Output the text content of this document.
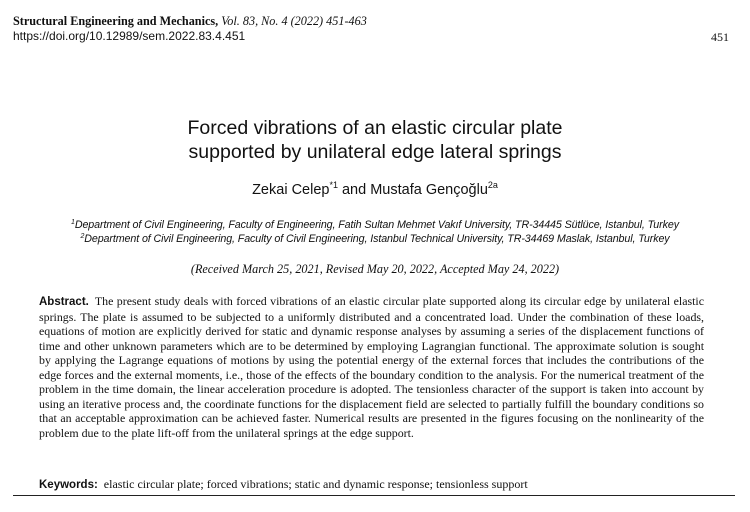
Structural Engineering and Mechanics, Vol. 83, No. 4 (2022) 451-463
https://doi.org/10.12989/sem.2022.83.4.451	451
Forced vibrations of an elastic circular plate
supported by unilateral edge lateral springs
Zekai Celep$^{*1}$ and Mustafa Gençoğlu$^{2a}$
$^1$Department of Civil Engineering, Faculty of Engineering, Fatih Sultan Mehmet Vakıf University, TR-34445 Sütlüce, Istanbul, Turkey
$^2$Department of Civil Engineering, Faculty of Civil Engineering, Istanbul Technical University, TR-34469 Maslak, Istanbul, Turkey
(Received March 25, 2021, Revised May 20, 2022, Accepted May 24, 2022)
Abstract. The present study deals with forced vibrations of an elastic circular plate supported along its circular edge by unilateral elastic springs. The plate is assumed to be subjected to a uniformly distributed and a concentrated load. Under the combination of these loads, equations of motion are explicitly derived for static and dynamic response analyses by assuming a series of the displacement functions of time and other unknown parameters which are to be determined by employing Lagrangian functional. The approximate solution is sought by applying the Lagrange equations of motions by using the potential energy of the external forces that includes the contributions of the edge forces and the external moments, i.e., those of the effects of the boundary condition to the analysis. For the numerical treatment of the problem in the time domain, the linear acceleration procedure is adopted. The tensionless character of the support is taken into account by using an iterative process and, the coordinate functions for the displacement field are selected to partially fulfill the boundary conditions so that an acceptable approximation can be achieved faster. Numerical results are presented in the figures focusing on the nonlinearity of the problem due to the plate lift-off from the unilateral springs at the edge support.
Keywords: elastic circular plate; forced vibrations; static and dynamic response; tensionless support
